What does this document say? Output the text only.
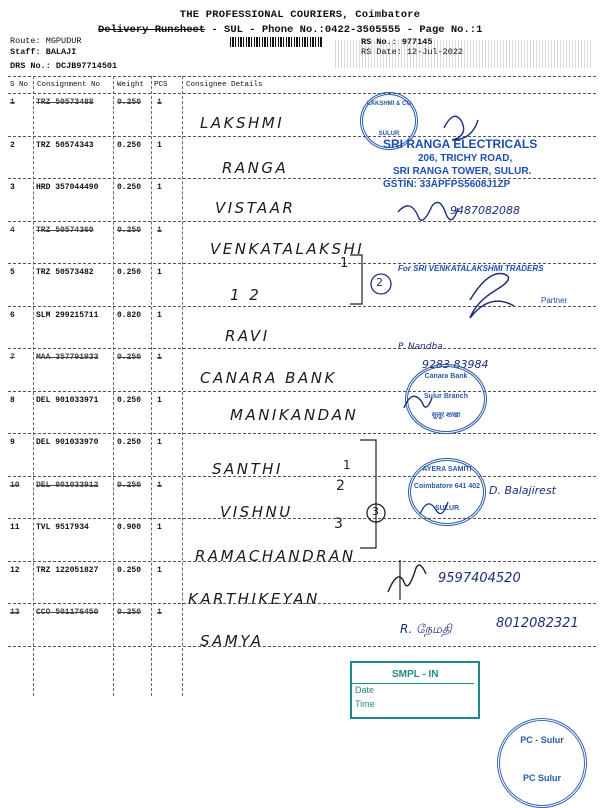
THE PROFESSIONAL COURIERS, Coimbatore
Delivery Runsheet - SUL - Phone No.:0422-3505555 - Page No.:1
Route: MGPUDUR
Staff: BALAJI
DRS No.: DCJB97714501
RS No.: 977145
RS Date: 12-Jul-2022
S No Consignment No Weight PCS Consignee Details
1	TRZ 50573488	0.250 1
LAKSHMI
2	TRZ 50574343	0.250 1
RANGA
3	HRD 357044490 0.250 1
VISTAAR
4	TRZ 50574360	0.250 1
VENKATALAKSHI
5	TRZ 50573482	0.250 1
1 2
6	SLM 299215711 0.820 1
RAVI
7	MAA 357791933 0.250 1
CANARA BANK
8	DEL 901033971 0.250 1
MANIKANDAN
9	DEL 901033970 0.250 1
SANTHI
10 DEL 901033912 0.250 1
VISHNU
11 TVL 9517934	0.900 1
RAMACHANDRAN
12 TRZ 122051827 0.250 1
KARTHIKEYAN
13 CCO 501176450 0.250 1
SAMYA
LAKSHMI & CO
SULUR
SRI RANGA ELECTRICALS
206, TRICHY ROAD,
SRI RANGA TOWER, SULUR.
GSTIN: 33APFPS5608J1ZP
9487082088
For SRI VENKATALAKSHMI TRADERS
Partner
P. Nandha
9283 83984
Canara Bank
Sulur Branch
सुलूर शाखा
AYERA SAMITI
Coimbatore 641 402
SULUR
D. Balajirest
9597404520
R. நேமதி	8012082321
SMPL - IN
Date
Time
PC - Sulur
PC Sulur
2
3
1
1
2
3
